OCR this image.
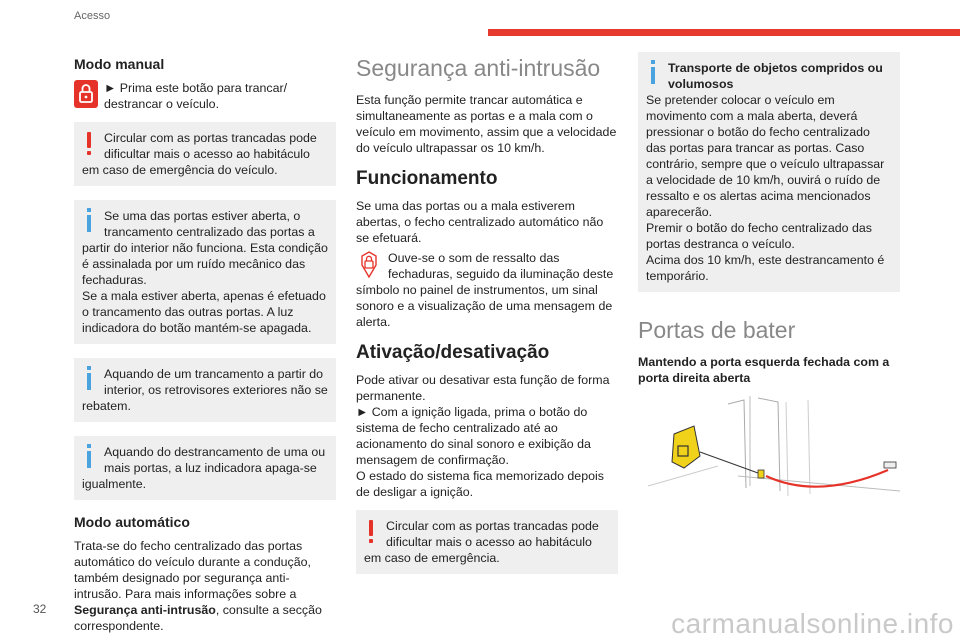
Acesso
Modo manual
► Prima este botão para trancar/ destrancar o veículo.
Circular com as portas trancadas pode dificultar mais o acesso ao habitáculo em caso de emergência do veículo.
Se uma das portas estiver aberta, o trancamento centralizado das portas a partir do interior não funciona. Esta condição é assinalada por um ruído mecânico das fechaduras.
Se a mala estiver aberta, apenas é efetuado o trancamento das outras portas. A luz indicadora do botão mantém-se apagada.
Aquando de um trancamento a partir do interior, os retrovisores exteriores não se rebatem.
Aquando do destrancamento de uma ou mais portas, a luz indicadora apaga-se igualmente.
Modo automático
Trata-se do fecho centralizado das portas automático do veículo durante a condução, também designado por segurança anti-intrusão. Para mais informações sobre a Segurança anti-intrusão, consulte a secção correspondente.
Segurança anti-intrusão
Esta função permite trancar automática e simultaneamente as portas e a mala com o veículo em movimento, assim que a velocidade do veículo ultrapassar os 10 km/h.
Funcionamento
Se uma das portas ou a mala estiverem abertas, o fecho centralizado automático não se efetuará.
Ouve-se o som de ressalto das fechaduras, seguido da iluminação deste símbolo no painel de instrumentos, um sinal sonoro e a visualização de uma mensagem de alerta.
Ativação/desativação
Pode ativar ou desativar esta função de forma permanente.
► Com a ignição ligada, prima o botão do sistema de fecho centralizado até ao acionamento do sinal sonoro e exibição da mensagem de confirmação.
O estado do sistema fica memorizado depois de desligar a ignição.
Circular com as portas trancadas pode dificultar mais o acesso ao habitáculo em caso de emergência.
Transporte de objetos compridos ou volumosos
Se pretender colocar o veículo em movimento com a mala aberta, deverá pressionar o botão do fecho centralizado das portas para trancar as portas. Caso contrário, sempre que o veículo ultrapassar a velocidade de 10 km/h, ouvirá o ruído de ressalto e os alertas acima mencionados aparecerão.
Premir o botão do fecho centralizado das portas destranca o veículo.
Acima dos 10 km/h, este destrancamento é temporário.
Portas de bater
Mantendo a porta esquerda fechada com a porta direita aberta
32	carmanualsonline.info
